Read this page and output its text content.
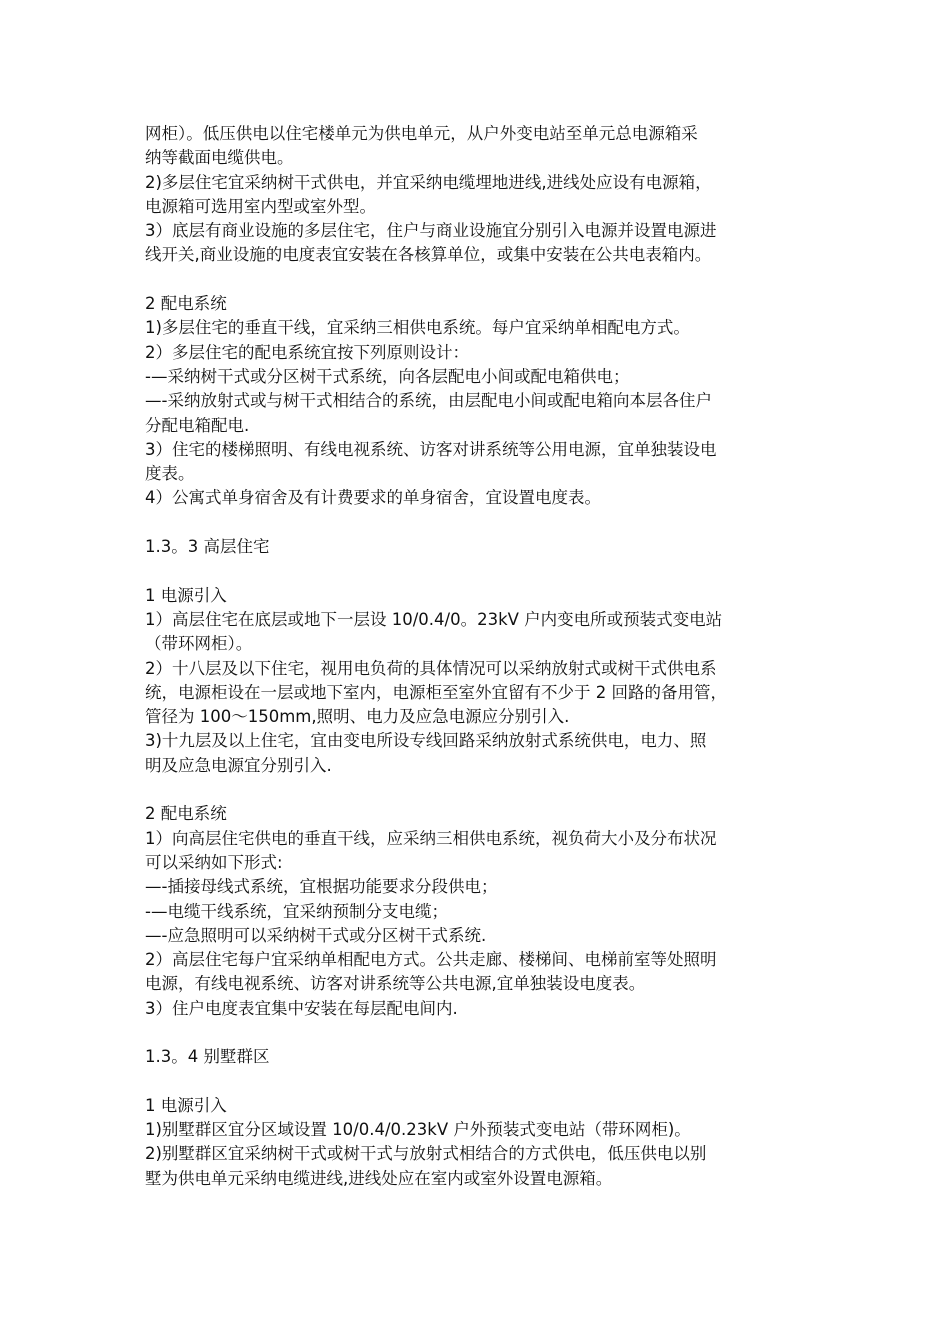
网柜）。低压供电以住宅楼单元为供电单元，从户外变电站至单元总电源箱采

纳等截面电缆供电。

2)多层住宅宜采纳树干式供电，并宜采纳电缆埋地进线,进线处应设有电源箱，

电源箱可选用室内型或室外型。

3）底层有商业设施的多层住宅，住户与商业设施宜分别引入电源并设置电源进

线开关,商业设施的电度表宜安装在各核算单位，或集中安装在公共电表箱内。

2 配电系统

1)多层住宅的垂直干线，宜采纳三相供电系统。每户宜采纳单相配电方式。

2）多层住宅的配电系统宜按下列原则设计：

-—采纳树干式或分区树干式系统，向各层配电小间或配电箱供电；

—-采纳放射式或与树干式相结合的系统，由层配电小间或配电箱向本层各住户

分配电箱配电.

3）住宅的楼梯照明、有线电视系统、访客对讲系统等公用电源，宜单独装设电

度表。

4）公寓式单身宿舍及有计费要求的单身宿舍，宜设置电度表。

1.3。3 高层住宅

1 电源引入

1）高层住宅在底层或地下一层设 10/0.4/0。23kV 户内变电所或预装式变电站

（带环网柜）。

2）十八层及以下住宅，视用电负荷的具体情况可以采纳放射式或树干式供电系

统，电源柜设在一层或地下室内，电源柜至室外宜留有不少于 2 回路的备用管，

管径为 100～150mm,照明、电力及应急电源应分别引入.

3)十九层及以上住宅，宜由变电所设专线回路采纳放射式系统供电，电力、照

明及应急电源宜分别引入.

2 配电系统

1）向高层住宅供电的垂直干线，应采纳三相供电系统，视负荷大小及分布状况

可以采纳如下形式:

—-插接母线式系统，宜根据功能要求分段供电；

-—电缆干线系统，宜采纳预制分支电缆；

—-应急照明可以采纳树干式或分区树干式系统.

2）高层住宅每户宜采纳单相配电方式。公共走廊、楼梯间、电梯前室等处照明

电源，有线电视系统、访客对讲系统等公共电源,宜单独装设电度表。

3）住户电度表宜集中安装在每层配电间内.

1.3。4 别墅群区

1 电源引入

1)别墅群区宜分区域设置 10/0.4/0.23kV 户外预装式变电站（带环网柜)。

2)别墅群区宜采纳树干式或树干式与放射式相结合的方式供电，低压供电以别

墅为供电单元采纳电缆进线,进线处应在室内或室外设置电源箱。
